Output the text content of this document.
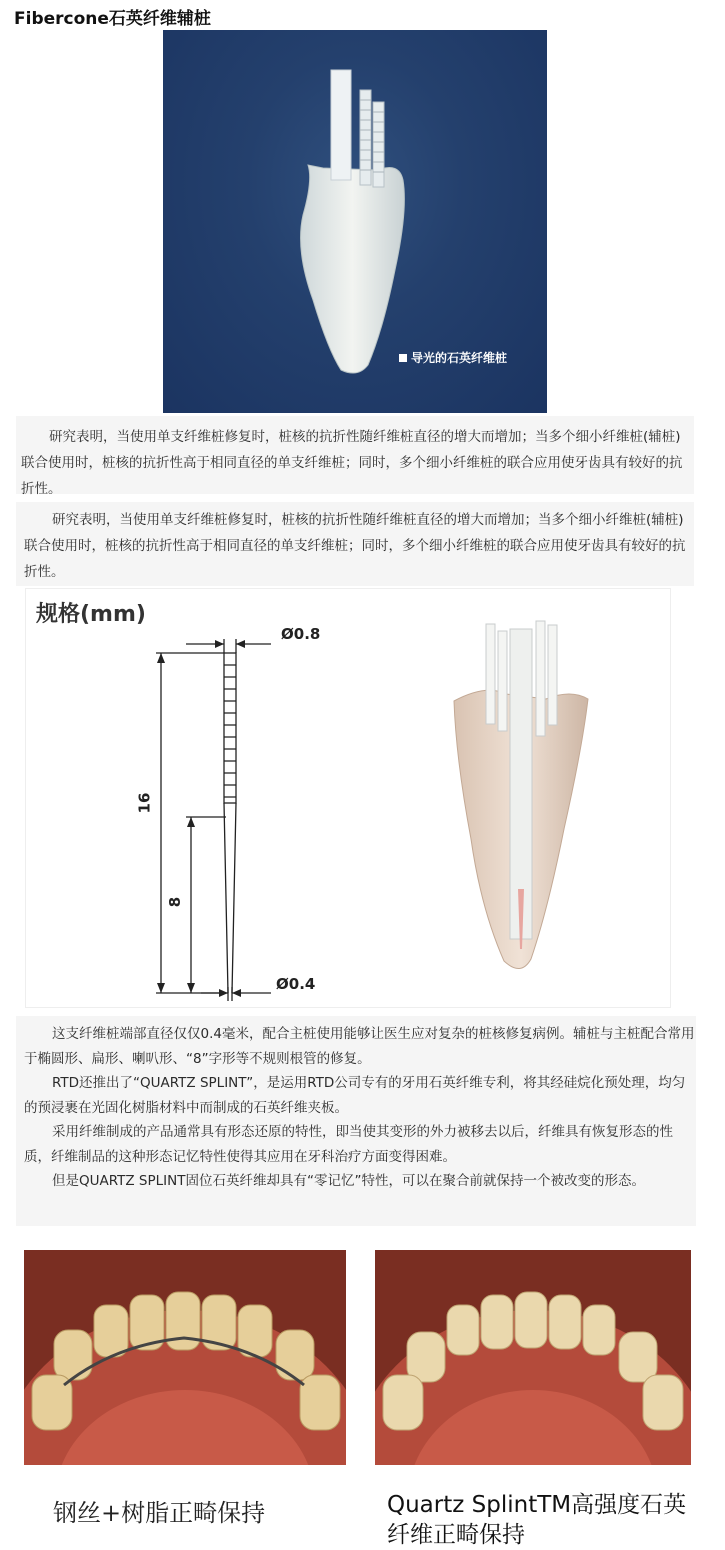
Fibercone石英纤维辅桩
导光的石英纤维桩

研究表明，当使用单支纤维桩修复时，桩核的抗折性随纤维桩直径的增大而增加；当多个细小纤维桩(辅桩)联合使用时，桩核的抗折性高于相同直径的单支纤维桩；同时，多个细小纤维桩的联合应用使牙齿具有较好的抗折性。

研究表明，当使用单支纤维桩修复时，桩核的抗折性随纤维桩直径的增大而增加；当多个细小纤维桩(辅桩)联合使用时，桩核的抗折性高于相同直径的单支纤维桩；同时，多个细小纤维桩的联合应用使牙齿具有较好的抗折性。

规格(mm)
Ø0.8
Ø0.4
16
8

这支纤维桩端部直径仅仅0.4毫米，配合主桩使用能够让医生应对复杂的桩核修复病例。辅桩与主桩配合常用于椭圆形、扁形、喇叭形、“8”字形等不规则根管的修复。

RTD还推出了“QUARTZ SPLINT”，是运用RTD公司专有的牙用石英纤维专利，将其经硅烷化预处理，均匀的预浸裹在光固化树脂材料中而制成的石英纤维夹板。

采用纤维制成的产品通常具有形态还原的特性，即当使其变形的外力被移去以后，纤维具有恢复形态的性质，纤维制品的这种形态记忆特性使得其应用在牙科治疗方面变得困难。

但是QUARTZ SPLINT固位石英纤维却具有“零记忆”特性，可以在聚合前就保持一个被改变的形态。

钢丝+树脂正畸保持	Quartz SplintTM高强度石英纤维正畸保持
